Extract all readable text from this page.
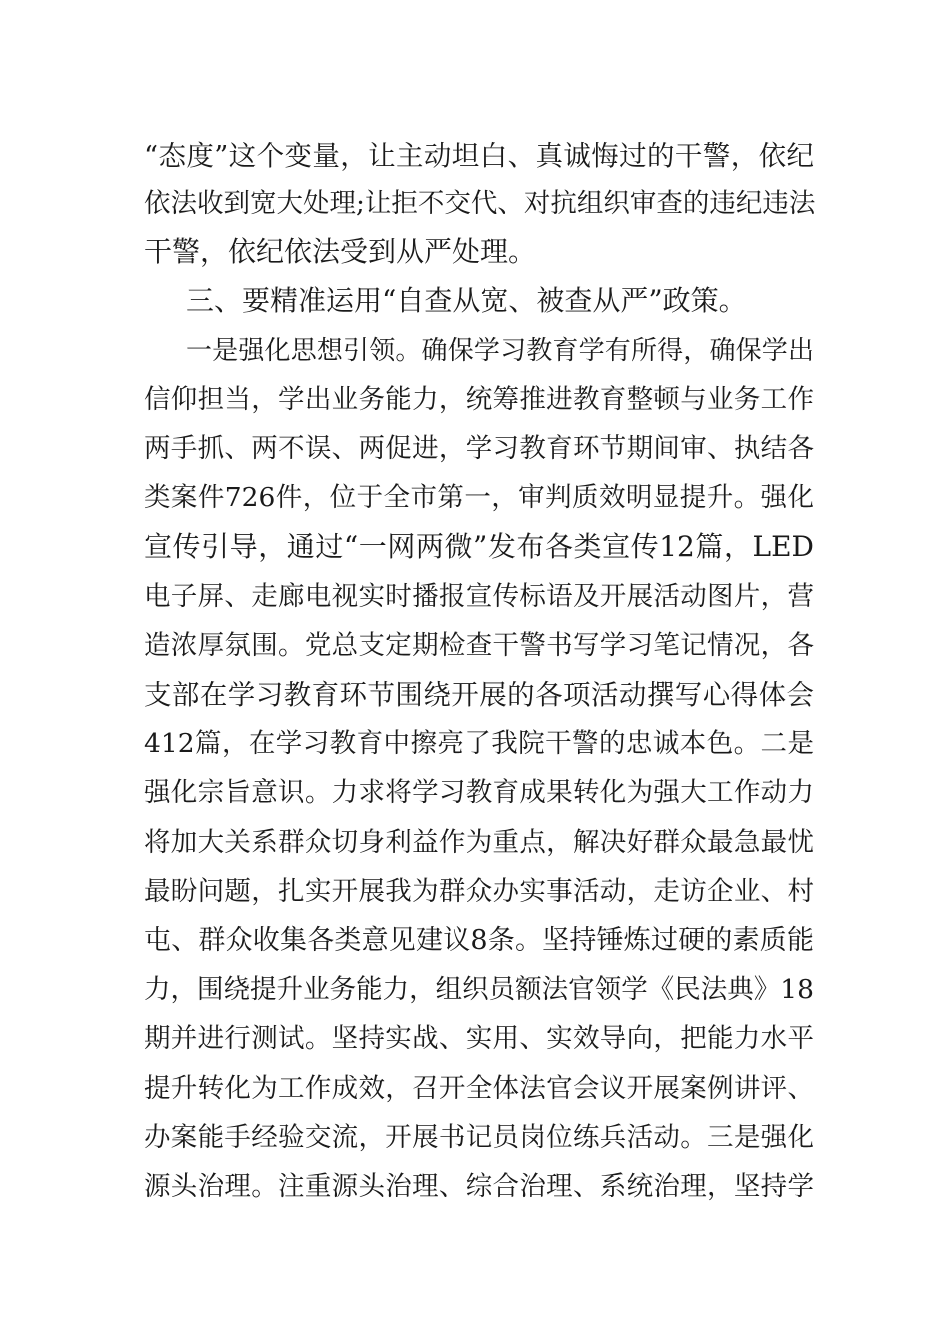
“态度”这个变量，让主动坦白、真诚悔过的干警，依纪
依法收到宽大处理;让拒不交代、对抗组织审查的违纪违法
干警，依纪依法受到从严处理。
三、要精准运用“自查从宽、被查从严”政策。
一是强化思想引领。确保学习教育学有所得，确保学出
信仰担当，学出业务能力，统筹推进教育整顿与业务工作
两手抓、两不误、两促进，学习教育环节期间审、执结各
类案件726件，位于全市第一，审判质效明显提升。强化
宣传引导，通过“一网两微”发布各类宣传12篇，LED
电子屏、走廊电视实时播报宣传标语及开展活动图片，营
造浓厚氛围。党总支定期检查干警书写学习笔记情况，各
支部在学习教育环节围绕开展的各项活动撰写心得体会
412篇，在学习教育中擦亮了我院干警的忠诚本色。二是
强化宗旨意识。力求将学习教育成果转化为强大工作动力
将加大关系群众切身利益作为重点，解决好群众最急最忧
最盼问题，扎实开展我为群众办实事活动，走访企业、村
屯、群众收集各类意见建议8条。坚持锤炼过硬的素质能
力，围绕提升业务能力，组织员额法官领学《民法典》18
期并进行测试。坚持实战、实用、实效导向，把能力水平
提升转化为工作成效，召开全体法官会议开展案例讲评、
办案能手经验交流，开展书记员岗位练兵活动。三是强化
源头治理。注重源头治理、综合治理、系统治理，坚持学
